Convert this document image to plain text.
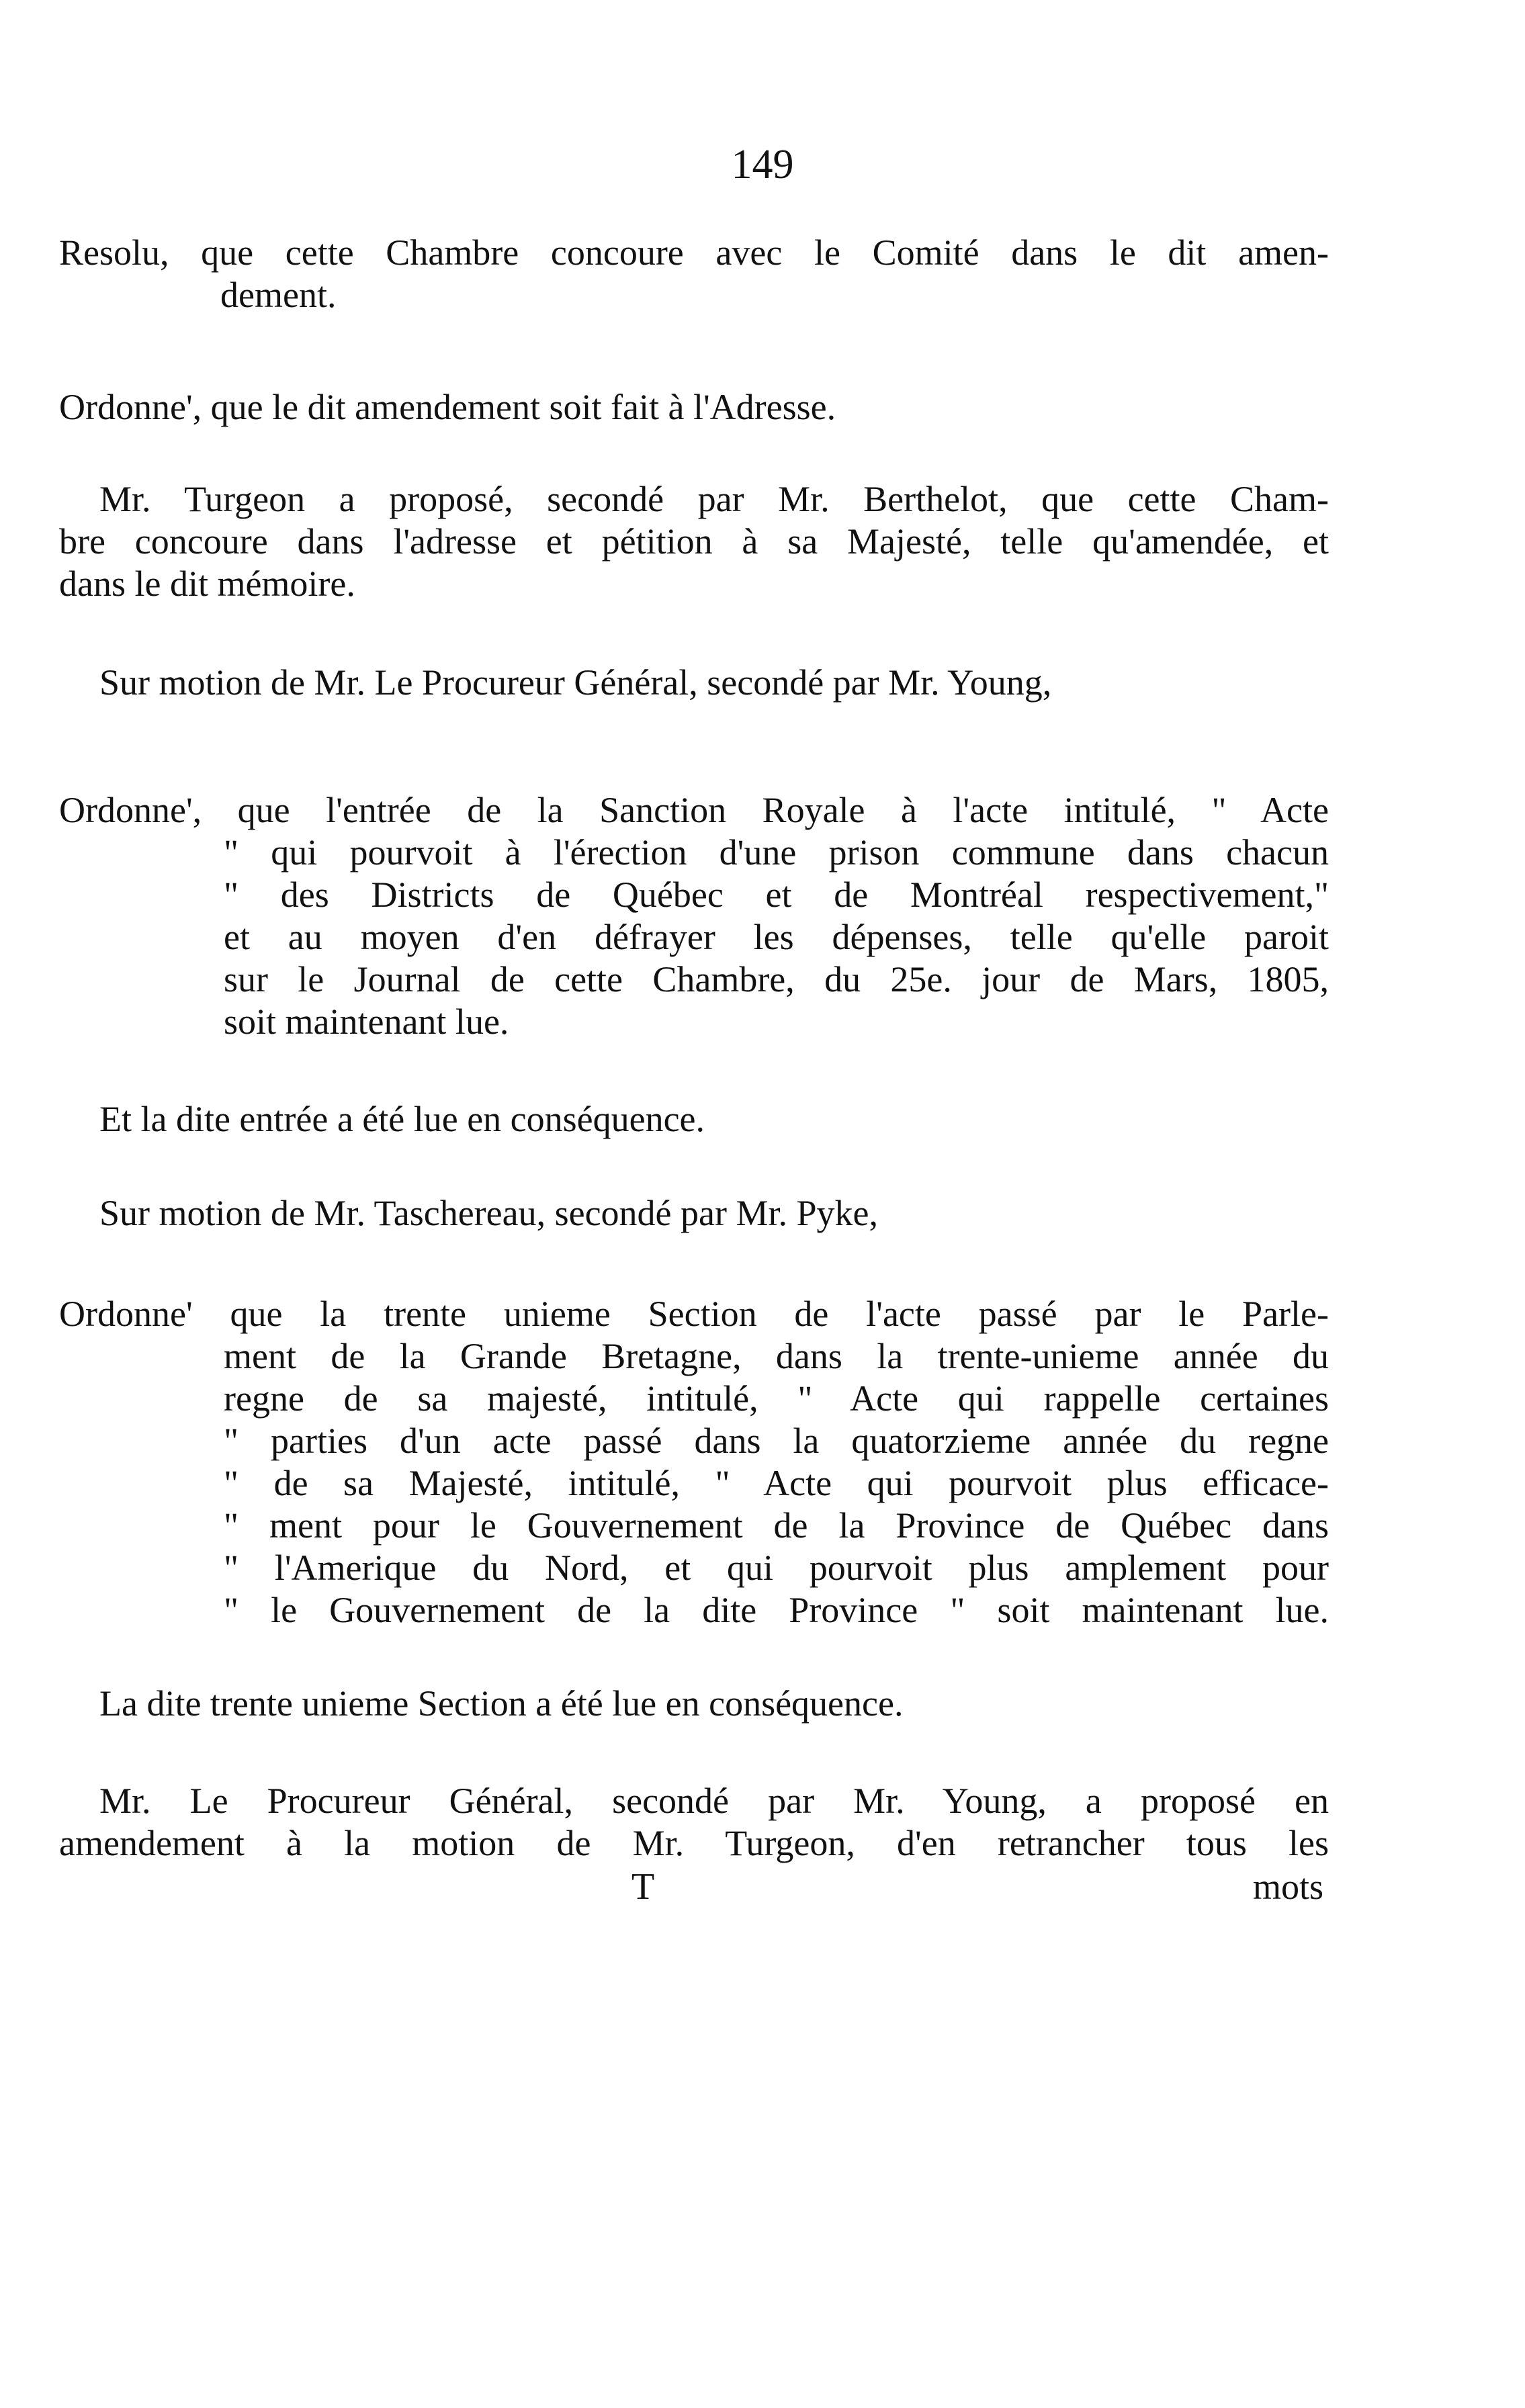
149
Resolu, que cette Chambre concoure avec le Comité dans le dit amen-
dement.
Ordonne', que le dit amendement soit fait à l'Adresse.
Mr. Turgeon a proposé, secondé par Mr. Berthelot, que cette Cham-
bre concoure dans l'adresse et pétition à sa Majesté, telle qu'amendée, et
dans le dit mémoire.
Sur motion de Mr. Le Procureur Général, secondé par Mr. Young,
Ordonne', que l'entrée de la Sanction Royale à l'acte intitulé, " Acte
" qui pourvoit à l'érection d'une prison commune dans chacun
" des Districts de Québec et de Montréal respectivement,"
et au moyen d'en défrayer les dépenses, telle qu'elle paroit
sur le Journal de cette Chambre, du 25e. jour de Mars, 1805,
soit maintenant lue.
Et la dite entrée a été lue en conséquence.
Sur motion de Mr. Taschereau, secondé par Mr. Pyke,
Ordonne' que la trente unieme Section de l'acte passé par le Parle-
ment de la Grande Bretagne, dans la trente-unieme année du
regne de sa majesté, intitulé, " Acte qui rappelle certaines
" parties d'un acte passé dans la quatorzieme année du regne
" de sa Majesté, intitulé, " Acte qui pourvoit plus efficace-
" ment pour le Gouvernement de la Province de Québec dans
" l'Amerique du Nord, et qui pourvoit plus amplement pour
" le Gouvernement de la dite Province " soit maintenant lue.
La dite trente unieme Section a été lue en conséquence.
Mr. Le Procureur Général, secondé par Mr. Young, a proposé en
amendement à la motion de Mr. Turgeon, d'en retrancher tous les
T	mots
